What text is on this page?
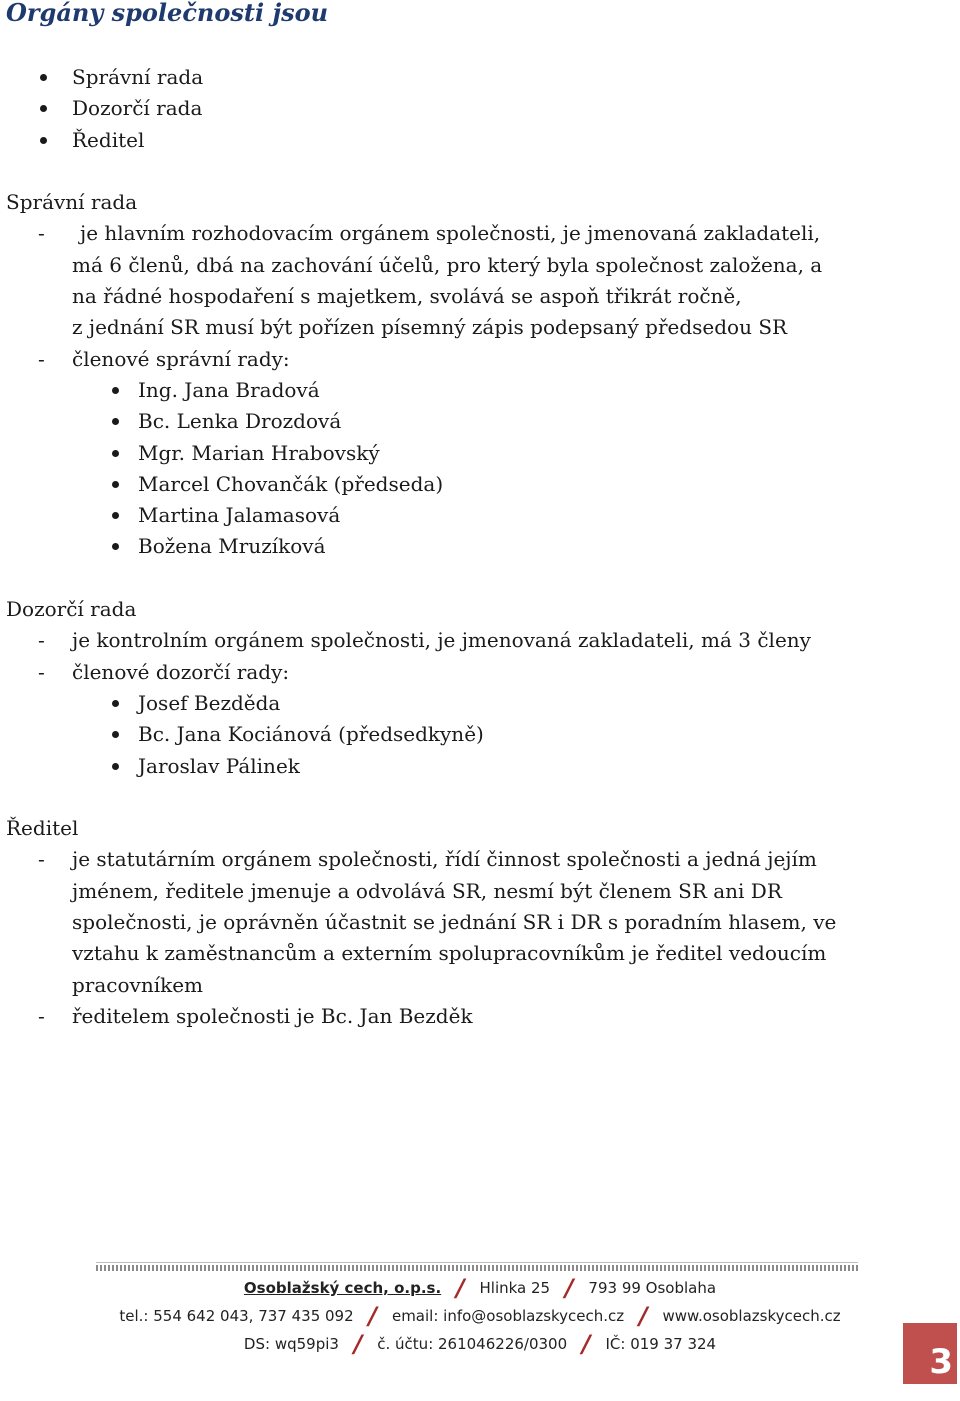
Orgány společnosti jsou
Správní rada
Dozorčí rada
Ředitel
Správní rada
- je hlavním rozhodovacím orgánem společnosti, je jmenovaná zakladateli,
má 6 členů, dbá na zachování účelů, pro který byla společnost založena, a
na řádné hospodaření s majetkem, svolává se aspoň třikrát ročně,
z jednání SR musí být pořízen písemný zápis podepsaný předsedou SR
- členové správní rady:
Ing. Jana Bradová
Bc. Lenka Drozdová
Mgr. Marian Hrabovský
Marcel Chovančák (předseda)
Martina Jalamasová
Božena Mruzíková
Dozorčí rada
- je kontrolním orgánem společnosti, je jmenovaná zakladateli, má 3 členy
- členové dozorčí rady:
Josef Bezděda
Bc. Jana Kociánová (předsedkyně)
Jaroslav Pálinek
Ředitel
- je statutárním orgánem společnosti, řídí činnost společnosti a jedná jejím
jménem, ředitele jmenuje a odvolává SR, nesmí být členem SR ani DR
společnosti, je oprávněn účastnit se jednání SR i DR s poradním hlasem, ve
vztahu k zaměstnancům a externím spolupracovníkům je ředitel vedoucím
pracovníkem
- ředitelem společnosti je Bc. Jan Bezděk
Osoblažský cech, o.p.s. / Hlinka 25 / 793 99 Osoblaha
tel.: 554 642 043, 737 435 092 / email: info@osoblazskycech.cz / www.osoblazskycech.cz
DS: wq59pi3 / č. účtu: 261046226/0300 / IČ: 019 37 324	3
